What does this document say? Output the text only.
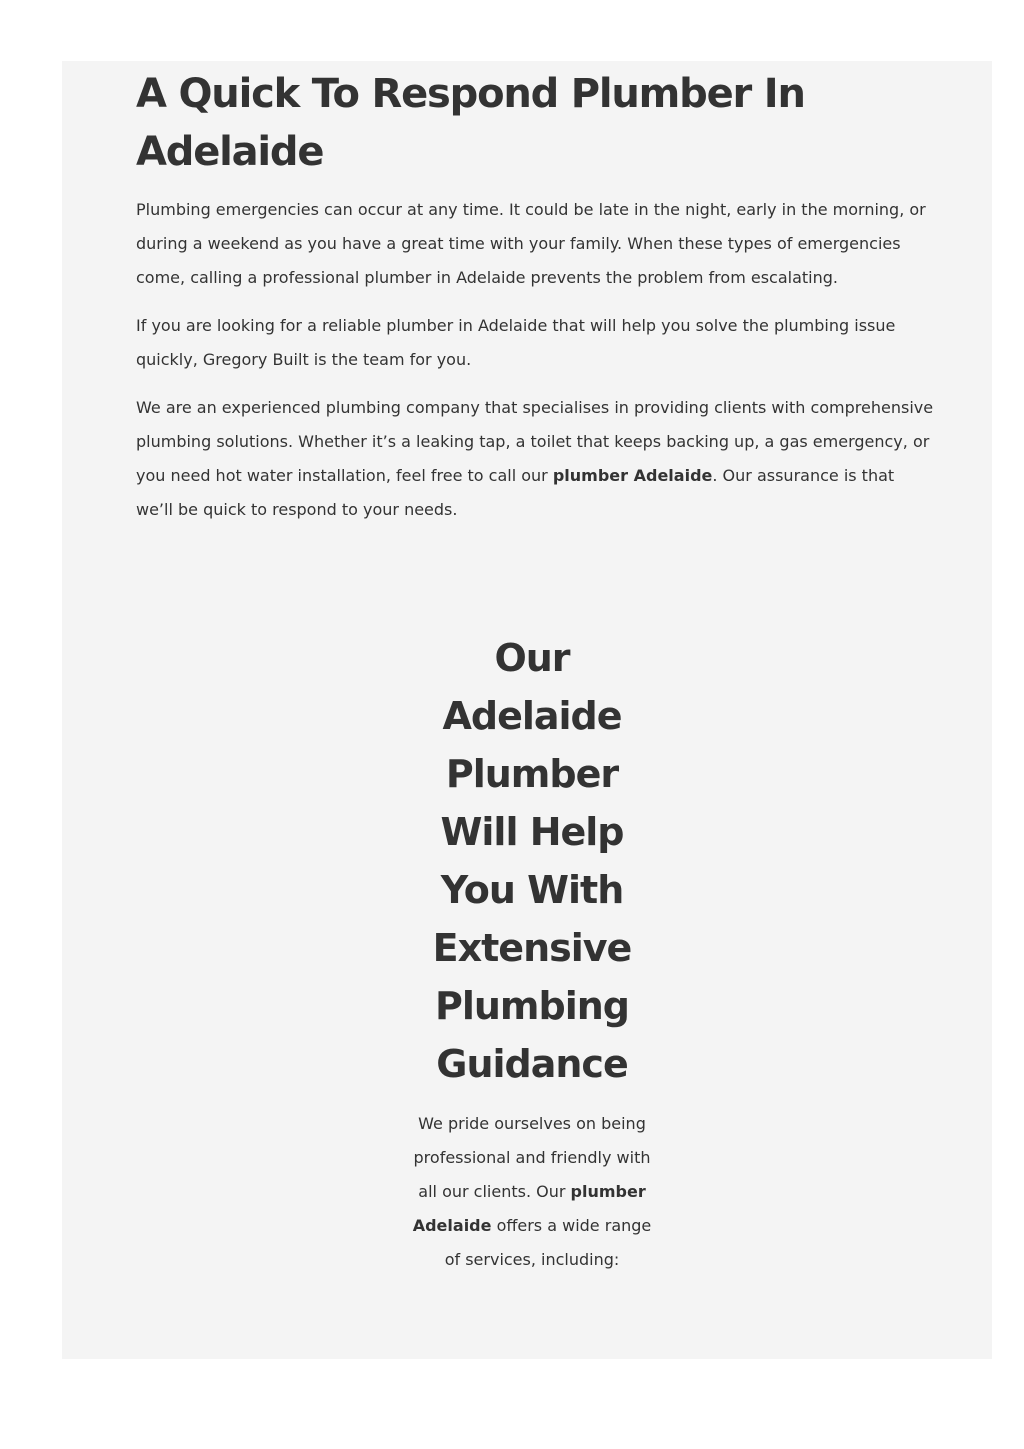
A Quick To Respond Plumber In Adelaide

Plumbing emergencies can occur at any time. It could be late in the night, early in the morning, or during a weekend as you have a great time with your family. When these types of emergencies come, calling a professional plumber in Adelaide prevents the problem from escalating.

If you are looking for a reliable plumber in Adelaide that will help you solve the plumbing issue quickly, Gregory Built is the team for you.

We are an experienced plumbing company that specialises in providing clients with comprehensive plumbing solutions. Whether it’s a leaking tap, a toilet that keeps backing up, a gas emergency, or you need hot water installation, feel free to call our plumber Adelaide. Our assurance is that we’ll be quick to respond to your needs.

Our Adelaide Plumber Will Help You With Extensive Plumbing Guidance

We pride ourselves on being professional and friendly with all our clients. Our plumber Adelaide offers a wide range of services, including:
